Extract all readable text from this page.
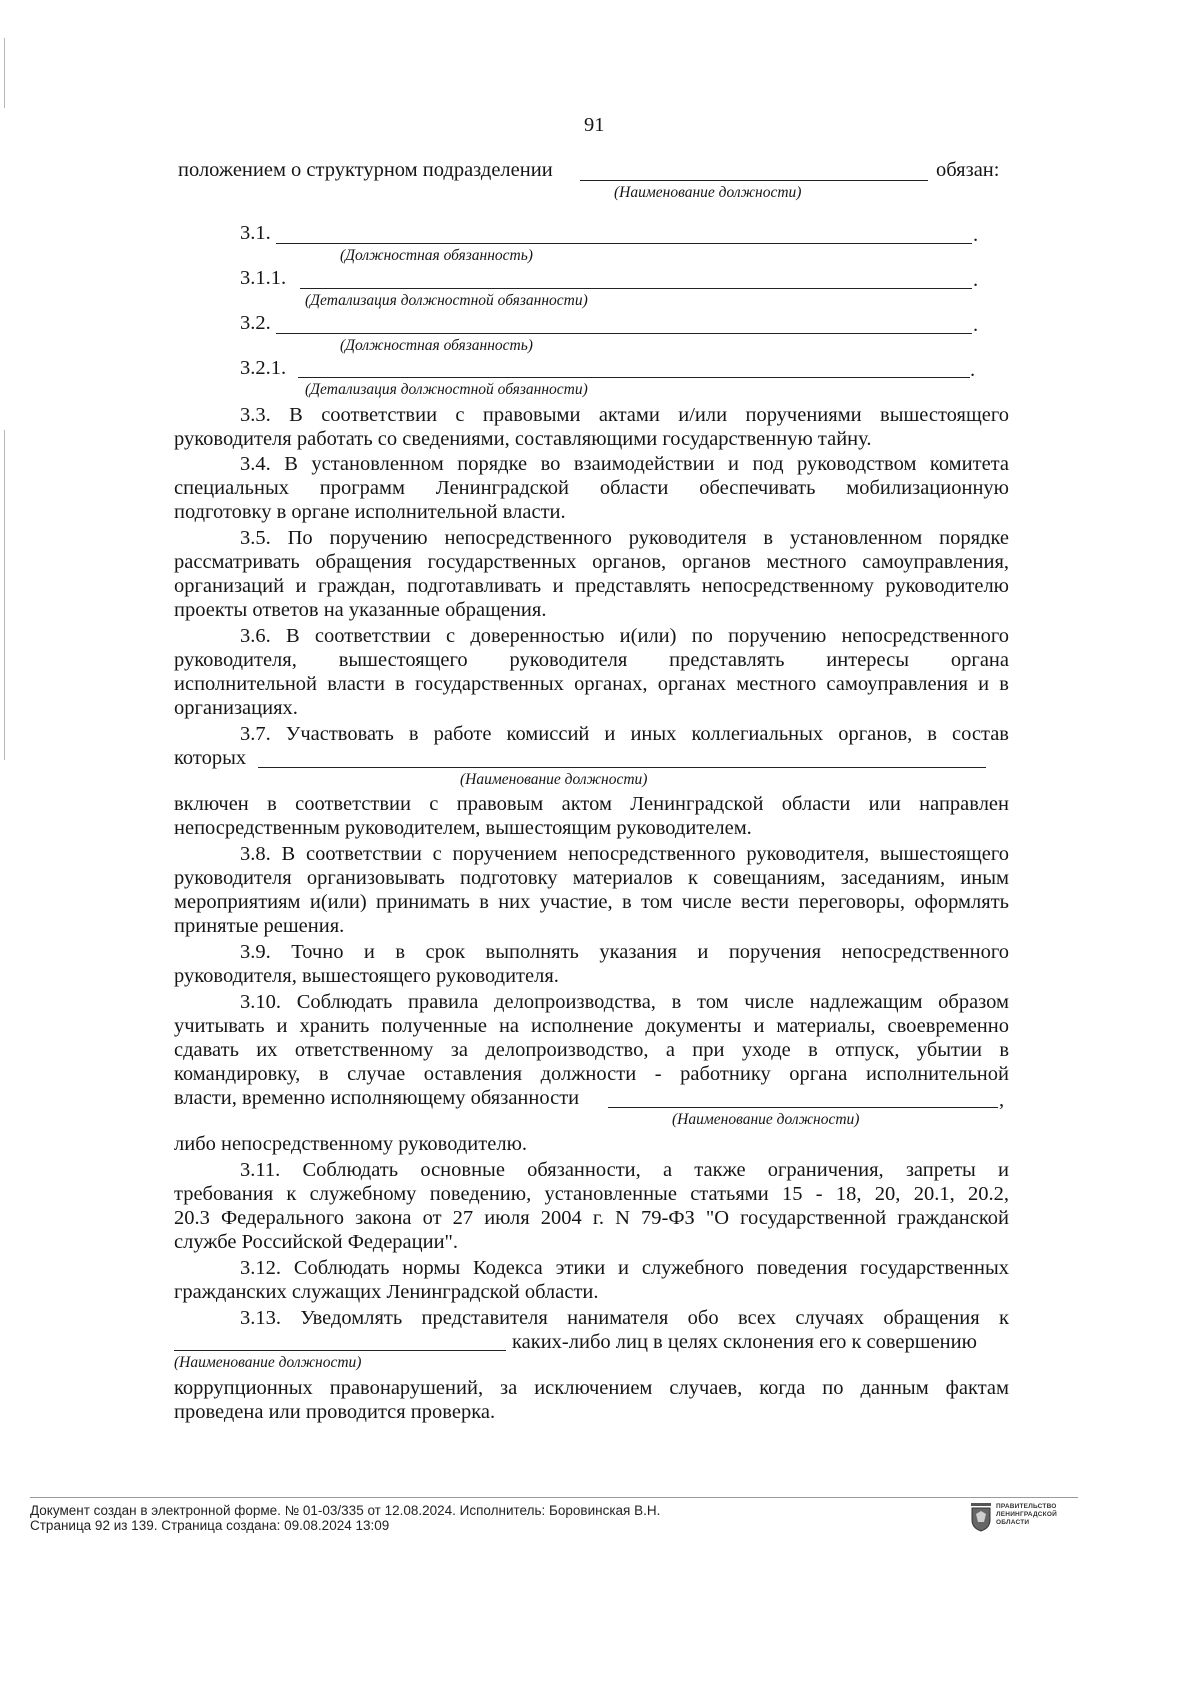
91
положением о структурном подразделении	обязан:
(Наименование должности)
3.1.	.
(Должностная обязанность)
3.1.1.	.
(Детализация должностной обязанности)
3.2.	.
(Должностная обязанность)
3.2.1.	.
(Детализация должностной обязанности)
3.3. В соответствии с правовыми актами и/или поручениями вышестоящего
руководителя работать со сведениями, составляющими государственную тайну.
3.4. В установленном порядке во взаимодействии и под руководством комитета
специальных программ Ленинградской области обеспечивать мобилизационную
подготовку в органе исполнительной власти.
3.5. По поручению непосредственного руководителя в установленном порядке
рассматривать обращения государственных органов, органов местного самоуправления,
организаций и граждан, подготавливать и представлять непосредственному руководителю
проекты ответов на указанные обращения.
3.6. В соответствии с доверенностью и(или) по поручению непосредственного
руководителя, вышестоящего руководителя представлять интересы органа
исполнительной власти в государственных органах, органах местного самоуправления и в
организациях.
3.7. Участвовать в работе комиссий и иных коллегиальных органов, в состав
которых
(Наименование должности)
включен в соответствии с правовым актом Ленинградской области или направлен
непосредственным руководителем, вышестоящим руководителем.
3.8. В соответствии с поручением непосредственного руководителя, вышестоящего
руководителя организовывать подготовку материалов к совещаниям, заседаниям, иным
мероприятиям и(или) принимать в них участие, в том числе вести переговоры, оформлять
принятые решения.
3.9. Точно и в срок выполнять указания и поручения непосредственного
руководителя, вышестоящего руководителя.
3.10. Соблюдать правила делопроизводства, в том числе надлежащим образом
учитывать и хранить полученные на исполнение документы и материалы, своевременно
сдавать их ответственному за делопроизводство, а при уходе в отпуск, убытии в
командировку, в случае оставления должности - работнику органа исполнительной
власти, временно исполняющему обязанности	,
(Наименование должности)
либо непосредственному руководителю.
3.11. Соблюдать основные обязанности, а также ограничения, запреты и
требования к служебному поведению, установленные статьями 15 - 18, 20, 20.1, 20.2,
20.3 Федерального закона от 27 июля 2004 г. N 79-ФЗ "О государственной гражданской
службе Российской Федерации".
3.12. Соблюдать нормы Кодекса этики и служебного поведения государственных
гражданских служащих Ленинградской области.
3.13. Уведомлять представителя нанимателя обо всех случаях обращения к
каких-либо лиц в целях склонения его к совершению
(Наименование должности)
коррупционных правонарушений, за исключением случаев, когда по данным фактам
проведена или проводится проверка.
Документ создан в электронной форме. № 01-03/335 от 12.08.2024. Исполнитель: Боровинская В.Н.
Страница 92 из 139. Страница создана: 09.08.2024 13:09
ПРАВИТЕЛЬСТВО
ЛЕНИНГРАДСКОЙ
ОБЛАСТИ
